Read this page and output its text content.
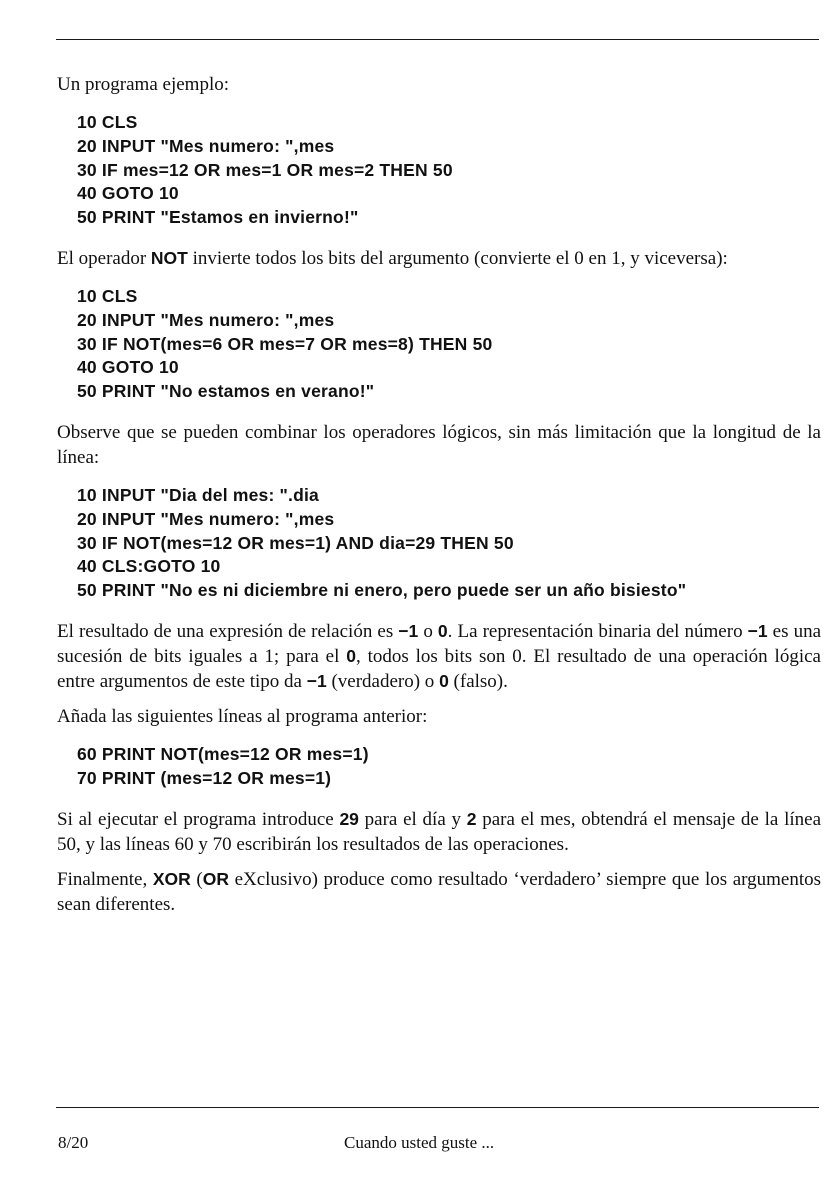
Un programa ejemplo:

10 CLS
20 INPUT "Mes numero: ",mes
30 IF mes=12 OR mes=1 OR mes=2 THEN 50
40 GOTO 10
50 PRINT "Estamos en invierno!"

El operador NOT invierte todos los bits del argumento (convierte el 0 en 1, y viceversa):

10 CLS
20 INPUT "Mes numero: ",mes
30 IF NOT(mes=6 OR mes=7 OR mes=8) THEN 50
40 GOTO 10
50 PRINT "No estamos en verano!"

Observe que se pueden combinar los operadores lógicos, sin más limitación que la longitud de la línea:

10 INPUT "Dia del mes: ".dia
20 INPUT "Mes numero: ",mes
30 IF NOT(mes=12 OR mes=1) AND dia=29 THEN 50
40 CLS:GOTO 10
50 PRINT "No es ni diciembre ni enero, pero puede ser un año bisiesto"

El resultado de una expresión de relación es −1 o 0. La representación binaria del número −1 es una sucesión de bits iguales a 1; para el 0, todos los bits son 0. El resultado de una operación lógica entre argumentos de este tipo da −1 (verdadero) o 0 (falso).

Añada las siguientes líneas al programa anterior:

60 PRINT NOT(mes=12 OR mes=1)
70 PRINT (mes=12 OR mes=1)

Si al ejecutar el programa introduce 29 para el día y 2 para el mes, obtendrá el mensaje de la línea 50, y las líneas 60 y 70 escribirán los resultados de las operaciones.

Finalmente, XOR (OR eXclusivo) produce como resultado ‘verdadero’ siempre que los argumentos sean diferentes.

8/20	Cuando usted guste ...
